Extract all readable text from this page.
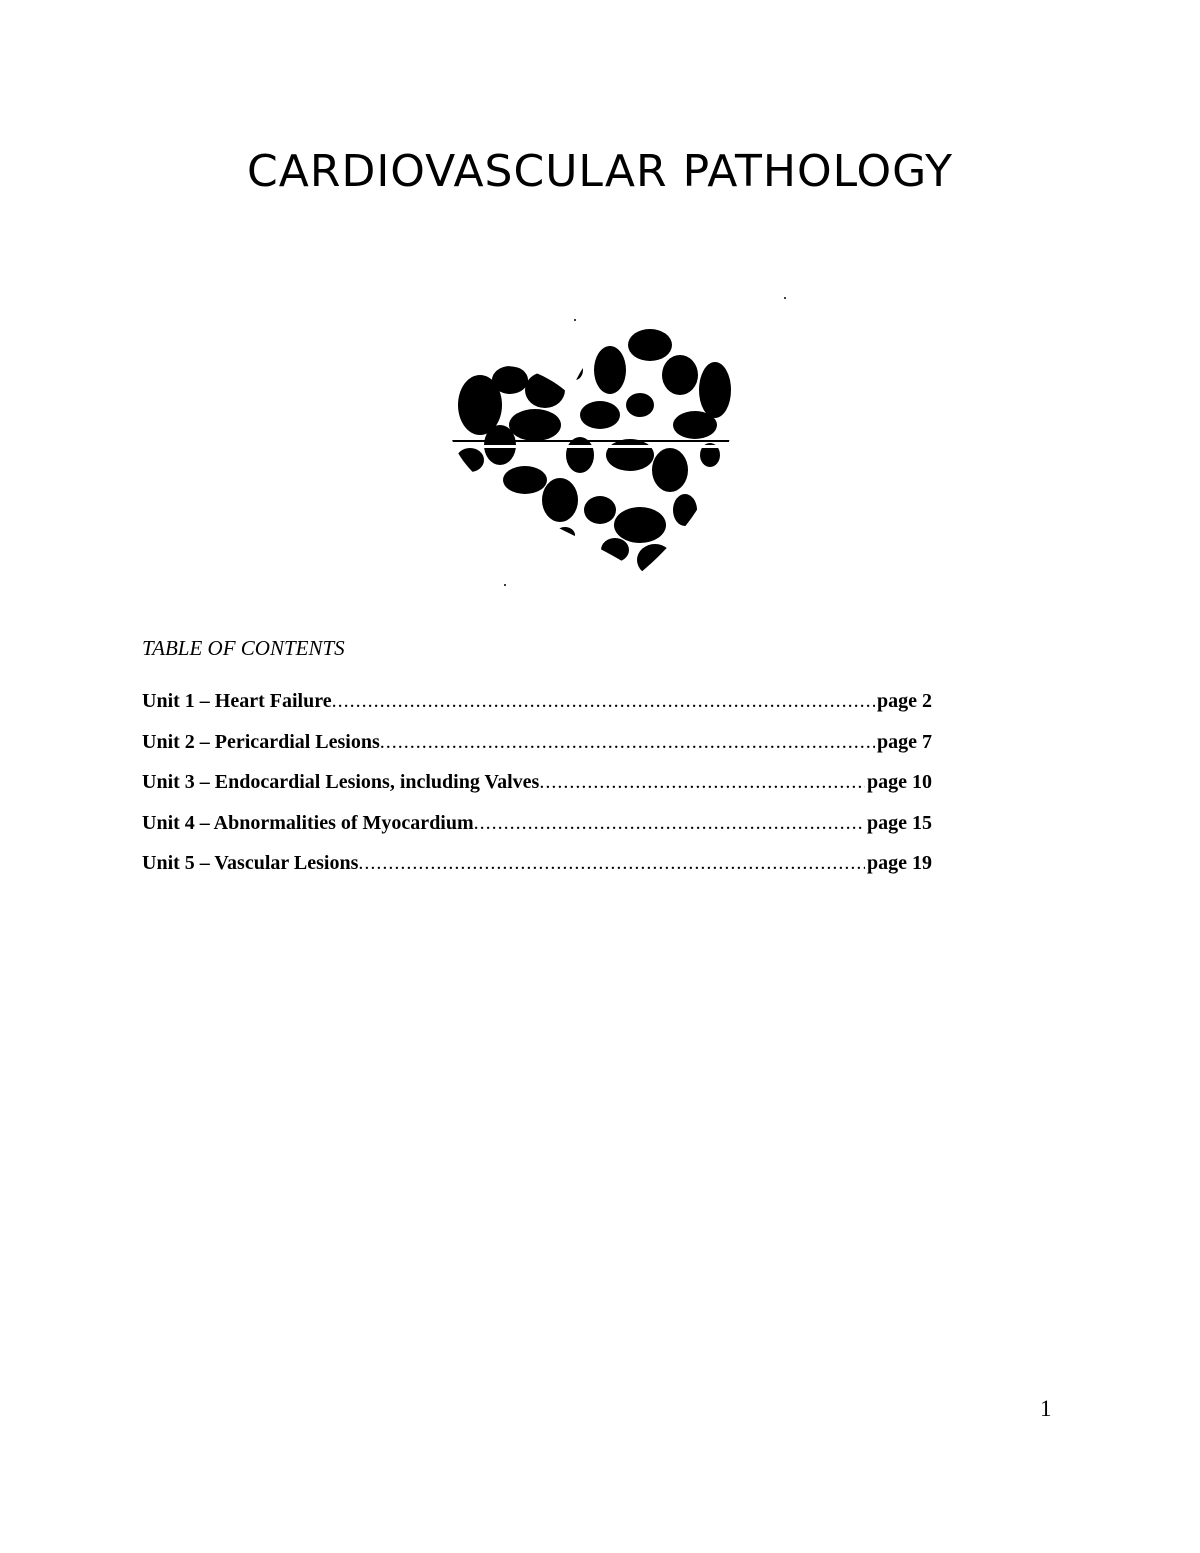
CARDIOVASCULAR PATHOLOGY
TABLE OF CONTENTS
Unit 1 – Heart Failure .....	page 2
Unit 2 – Pericardial Lesions .....	page 7
Unit 3 – Endocardial Lesions, including Valves .....	page 10
Unit 4 – Abnormalities of Myocardium .....	page 15
Unit 5 – Vascular Lesions .....	page 19
1
